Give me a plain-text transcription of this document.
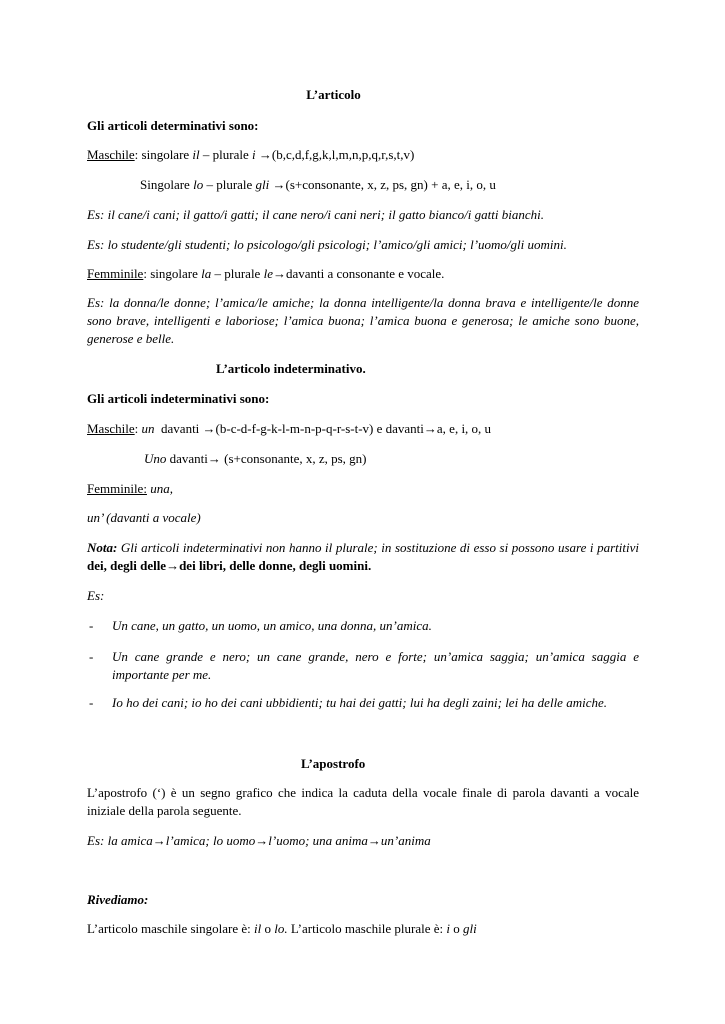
L’articolo
Gli articoli determinativi sono:
Maschile: singolare il – plurale i →(b,c,d,f,g,k,l,m,n,p,q,r,s,t,v)
Singolare lo – plurale gli →(s+consonante, x, z, ps, gn) + a, e, i, o, u
Es: il cane/i cani; il gatto/i gatti; il cane nero/i cani neri; il gatto bianco/i gatti bianchi.
Es: lo studente/gli studenti; lo psicologo/gli psicologi; l’amico/gli amici; l’uomo/gli uomini.
Femminile: singolare la – plurale le→davanti a consonante e vocale.
Es: la donna/le donne; l’amica/le amiche; la donna intelligente/la donna brava e intelligente/le donne sono brave, intelligenti e laboriose; l’amica buona; l’amica buona e generosa; le amiche sono buone, generose e belle.
L’articolo indeterminativo.
Gli articoli indeterminativi sono:
Maschile: un  davanti →(b-c-d-f-g-k-l-m-n-p-q-r-s-t-v) e davanti→a, e, i, o, u
Uno davanti→ (s+consonante, x, z, ps, gn)
Femminile: una,
un’ (davanti a vocale)
Nota: Gli articoli indeterminativi non hanno il plurale; in sostituzione di esso si possono usare i partitivi dei, degli delle→dei libri, delle donne, degli uomini.
Es:
- Un cane, un gatto, un uomo, un amico, una donna, un’amica.
- Un cane grande e nero; un cane grande, nero e forte; un’amica saggia; un’amica saggia e importante per me.
- Io ho dei cani; io ho dei cani ubbidienti; tu hai dei gatti; lui ha degli zaini; lei ha delle amiche.
L’apostrofo
L’apostrofo (‘) è un segno grafico che indica la caduta della vocale finale di parola davanti a vocale iniziale della parola seguente.
Es: la amica→l’amica; lo uomo→l’uomo; una anima→un’anima
Rivediamo:
L’articolo maschile singolare è: il o lo. L’articolo maschile plurale è: i o gli
